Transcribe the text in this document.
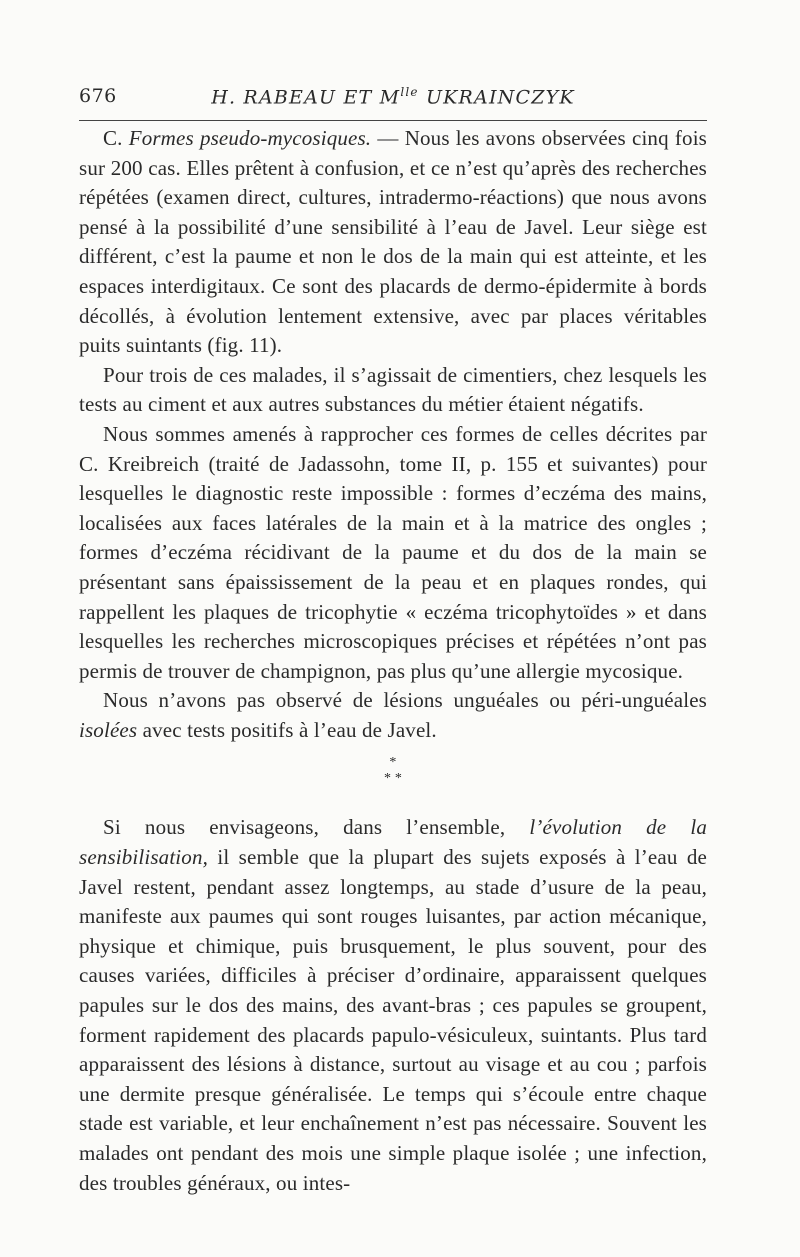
676	H. RABEAU ET $M^{lle}$ UKRAINCZYK

C. Formes pseudo-mycosiques. — Nous les avons observées cinq fois sur 200 cas. Elles prêtent à confusion, et ce n’est qu’après des recherches répétées (examen direct, cultures, intradermo-réactions) que nous avons pensé à la possibilité d’une sensibilité à l’eau de Javel. Leur siège est différent, c’est la paume et non le dos de la main qui est atteinte, et les espaces interdigitaux. Ce sont des placards de dermo-épidermite à bords décollés, à évolution lentement extensive, avec par places véritables puits suintants (fig. 11).

Pour trois de ces malades, il s’agissait de cimentiers, chez lesquels les tests au ciment et aux autres substances du métier étaient négatifs.

Nous sommes amenés à rapprocher ces formes de celles décrites par C. Kreibreich (traité de Jadassohn, tome II, p. 155 et suivantes) pour lesquelles le diagnostic reste impossible : formes d’eczéma des mains, localisées aux faces latérales de la main et à la matrice des ongles ; formes d’eczéma récidivant de la paume et du dos de la main se présentant sans épaississement de la peau et en plaques rondes, qui rappellent les plaques de tricophytie « eczéma tricophytoïdes » et dans lesquelles les recherches microscopiques précises et répétées n’ont pas permis de trouver de champignon, pas plus qu’une allergie mycosique.

Nous n’avons pas observé de lésions unguéales ou péri-unguéales isolées avec tests positifs à l’eau de Javel.

*
* *

Si nous envisageons, dans l’ensemble, l’évolution de la sensibilisation, il semble que la plupart des sujets exposés à l’eau de Javel restent, pendant assez longtemps, au stade d’usure de la peau, manifeste aux paumes qui sont rouges luisantes, par action mécanique, physique et chimique, puis brusquement, le plus souvent, pour des causes variées, difficiles à préciser d’ordinaire, apparaissent quelques papules sur le dos des mains, des avant-bras ; ces papules se groupent, forment rapidement des placards papulo-vésiculeux, suintants. Plus tard apparaissent des lésions à distance, surtout au visage et au cou ; parfois une dermite presque généralisée. Le temps qui s’écoule entre chaque stade est variable, et leur enchaînement n’est pas nécessaire. Souvent les malades ont pendant des mois une simple plaque isolée ; une infection, des troubles généraux, ou intes-
